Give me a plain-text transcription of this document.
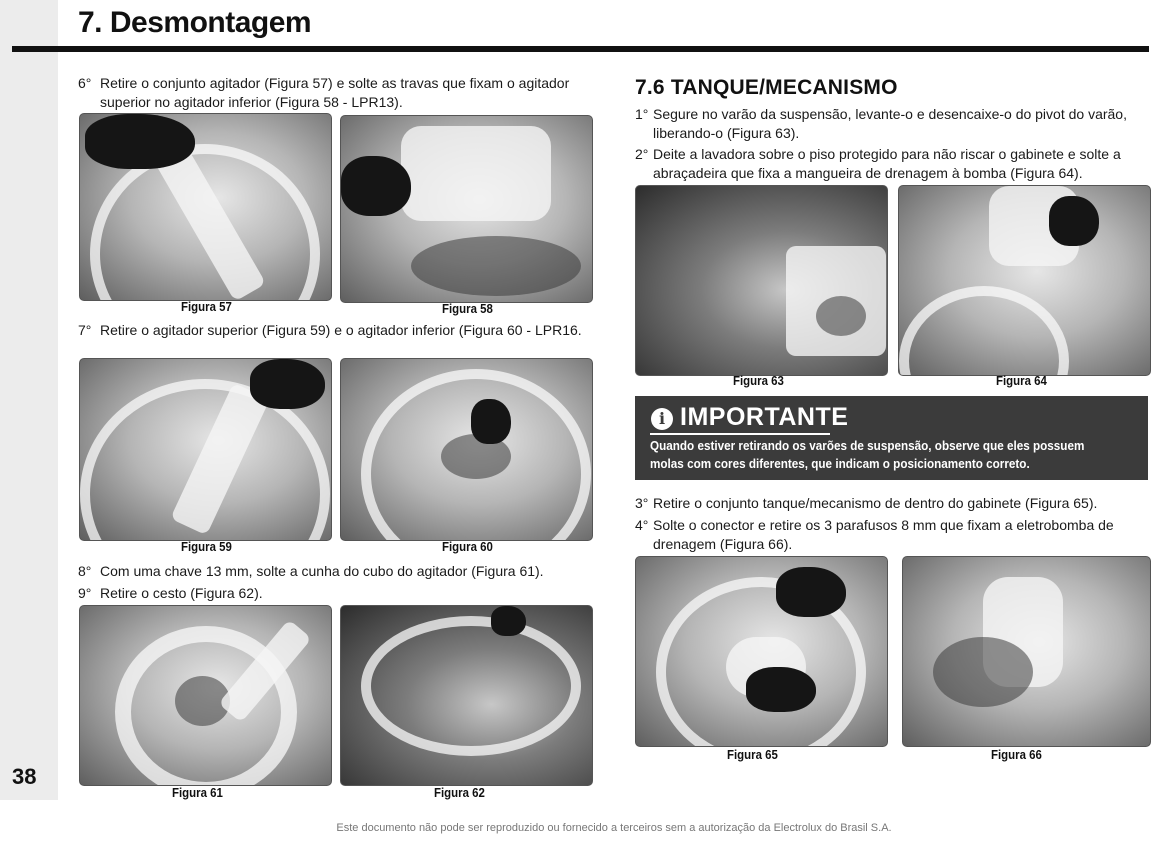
38
7. Desmontagem
6° Retire o conjunto agitador (Figura 57) e solte as travas que fixam o agitador superior no agitador inferior (Figura 58 - LPR13).
Figura 57	Figura 58
7° Retire o agitador superior (Figura 59) e o agitador inferior (Figura 60 - LPR16.
Figura 59	Figura 60
8° Com uma chave 13 mm, solte a cunha do cubo do agitador (Figura 61).
9° Retire o cesto (Figura 62).
Figura 61	Figura 62
7.6 TANQUE/MECANISMO
1° Segure no varão da suspensão, levante-o e desencaixe-o do pivot do varão, liberando-o (Figura 63).
2° Deite a lavadora sobre o piso protegido para não riscar o gabinete e solte a abraçadeira que fixa a mangueira de drenagem à bomba (Figura 64).
Figura 63	Figura 64
i IMPORTANTE
Quando estiver retirando os varões de suspensão, observe que eles possuem molas com cores diferentes, que indicam o posicionamento correto.
3° Retire o conjunto tanque/mecanismo de dentro do gabinete (Figura 65).
4° Solte o conector e retire os 3 parafusos 8 mm que fixam a eletrobomba de drenagem (Figura 66).
Figura 65	Figura 66
Este documento não pode ser reproduzido ou fornecido a terceiros sem a autorização da Electrolux do Brasil S.A.
